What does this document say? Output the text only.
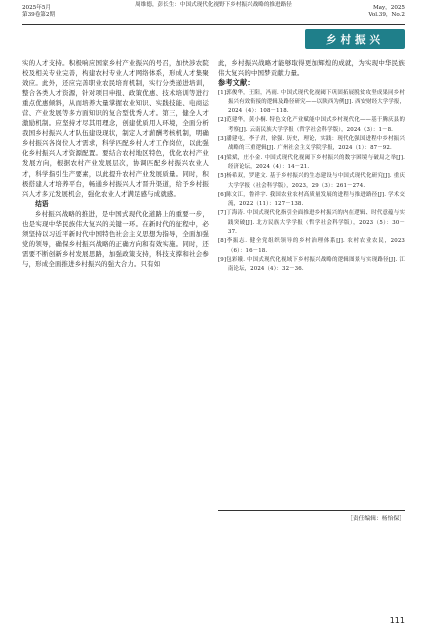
2025年5月
第39卷第2期
周维德，彭长生：中国式现代化视野下乡村振兴战略的推进路径	May，2025
Vol.39，No.2
乡村振兴

实的人才支持。积极响应国家乡村产业振兴的号召，加快涉农院校及相关专业完善，构建农村专业人才网络体系，形成人才集聚效应。此外，还应完善职业农民培育机制，实行分类递进培训，整合各类人才资源，针对项目申报、政策优惠、技术培训等进行重点优惠倾斜，从而培养大量掌握农业知识、实践技能、电商运营、产业发展等多方面知识的复合型优秀人才。第三，健全人才激励机制。应坚持才尽其用理念，创建优质用人环境，全面分析我国乡村振兴人才队伍建设现状，制定人才薪酬考核机制，明确乡村振兴各岗位人才需求，科学匹配乡村人才工作岗位，以此强化乡村振兴人才资源配置。要结合农村地区特色，优化农村产业发展方向，根据农村产业发展层次，协调匹配乡村振兴农业人才，科学指引生产要素，以此提升农村产业发展质量。同时，积极搭建人才培养平台，畅通乡村振兴人才晋升渠道，给予乡村振兴人才多元发展机会，强化农业人才满足感与成就感。

结语

乡村振兴战略的推进，是中国式现代化道路上的重要一步，也是实现中华民族伟大复兴的关键一环。在新时代的征程中，必须坚持以习近平新时代中国特色社会主义思想为指导，全面加强党的领导，确保乡村振兴战略的正确方向和有效实施。同时，还需要不断创新乡村发展思路，加强政策支持，科技支撑和社会参与，形成全面推进乡村振兴的强大合力。只有如

此，乡村振兴战略才能够取得更加辉煌的成就，为实现中华民族伟大复兴的中国梦贡献力量。

参考文献：

[1]郭俊华，王阳，冯雨. 中国式现代化视阈下巩固拓展脱贫攻坚成果同乡村振兴有效衔接的逻辑及路径研究——以陕西为例[J]. 西安财经大学学报，2024（4）：108－118.

[2]范建华，黄小桐. 特色文化产业赋能中国式乡村现代化——基于腾庆县的考察[J]. 云南民族大学学报（哲学社会科学版），2024（3）：1－8.

[3]潘建屯，李子君，徐强. 历史，理论，实践：现代化强国进程中乡村振兴战略的三重逻辑[J]. 广州社会主义学院学报，2024（1）：87－92.

[4]梁斌，庄小金. 中国式现代化视阈下乡村振兴的数字困境与破局之举[J]. 经济论坛，2024（4）：14－21.

[5]杨希双，罗建文. 基于乡村振兴的生态建设与中国式现代化研究[J]. 重庆大学学报（社会科学版），2023，29（3）：261－274.

[6]陈文江，鲁祥宇. 我国农业农村高质量发展的进程与推进路径[J]. 学术交流，2022（11）：127－138.

[7]丁海涛. 中国式现代化指引全面推进乡村振兴的内在逻辑、时代意蕴与实践突破[J]. 北方民族大学学报（哲学社会科学版），2023（5）：30－37.

[8]李振志. 健全党组织领导的乡村治理体系[J]. 农村农业农民，2023（6）：16－18.

[9]包彩娥. 中国式现代化视域下乡村振兴战略的逻辑图景与实现路径[J]. 江南论坛，2024（4）：32－36.

［责任编辑：杨怡保］
111
